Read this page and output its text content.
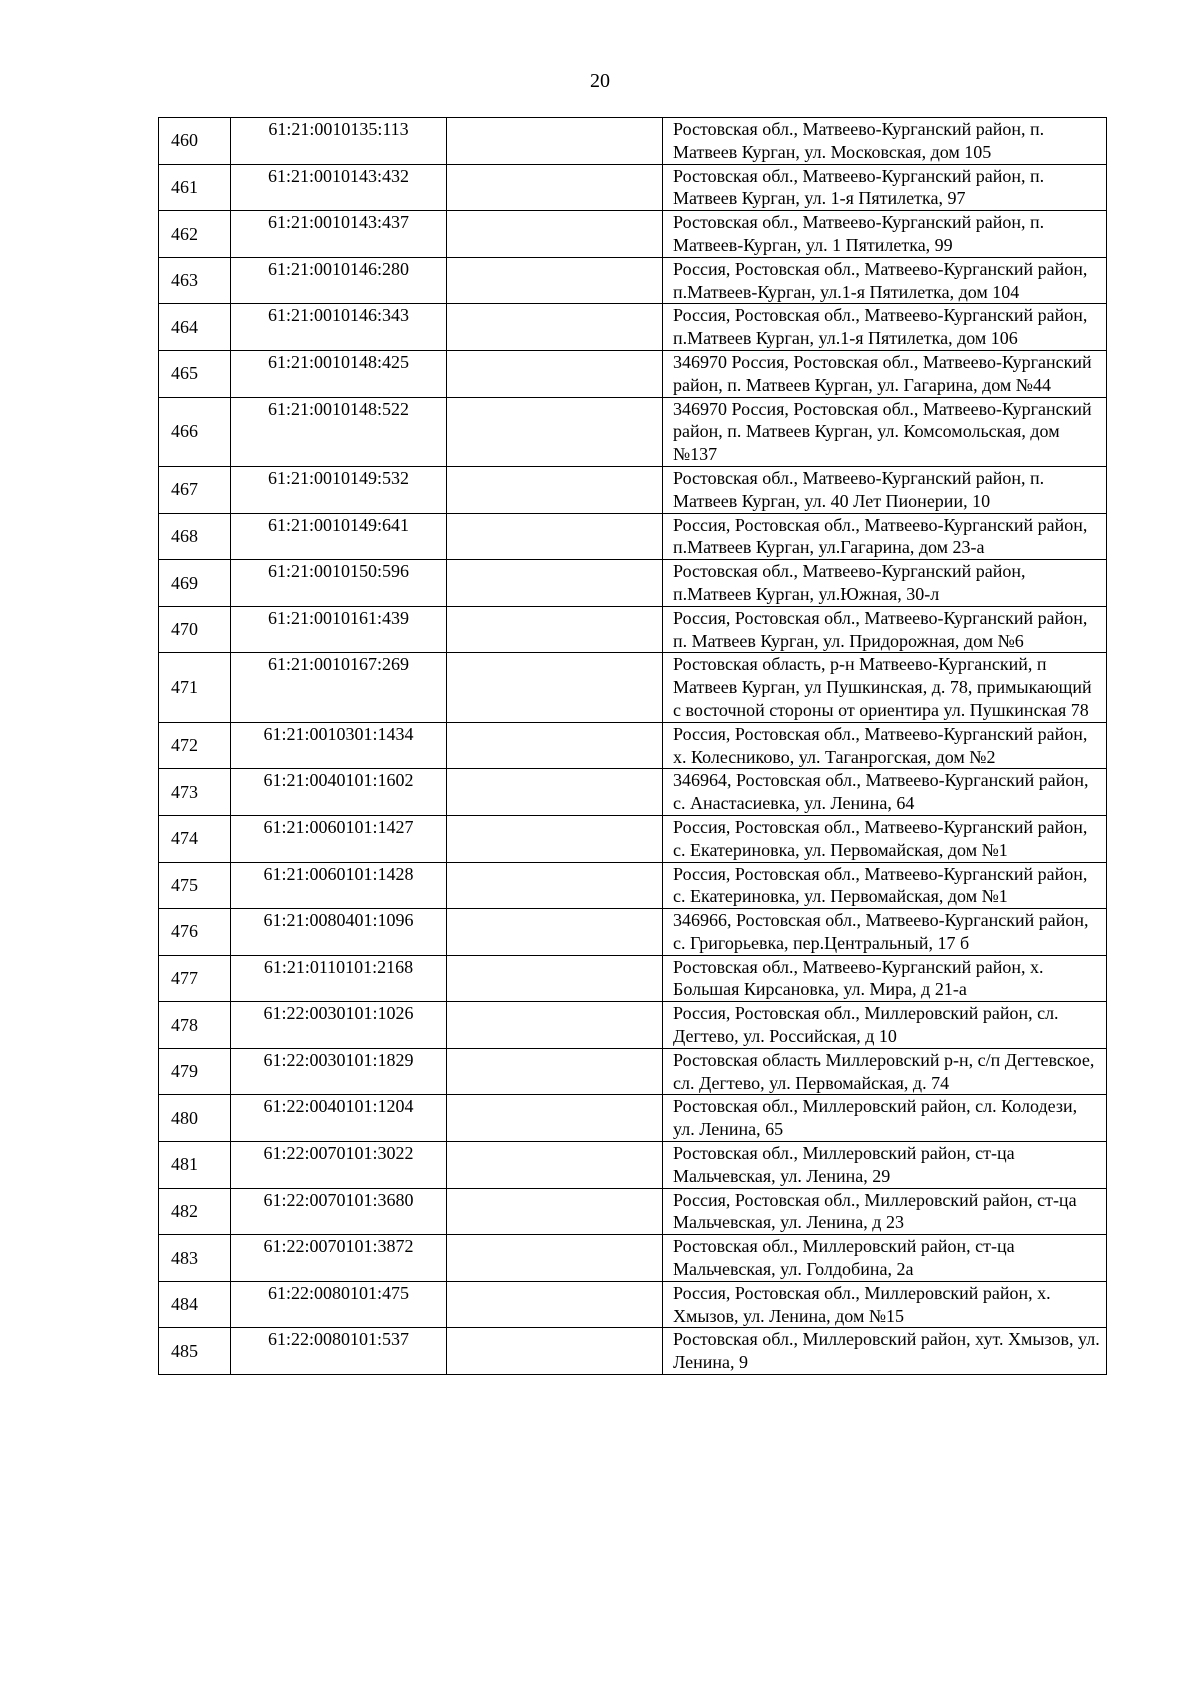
20
460	61:21:0010135:113		Ростовская обл., Матвеево-Курганский район, п. Матвеев Курган, ул. Московская, дом 105
461	61:21:0010143:432		Ростовская обл., Матвеево-Курганский район, п. Матвеев Курган, ул. 1-я Пятилетка, 97
462	61:21:0010143:437		Ростовская обл., Матвеево-Курганский район, п. Матвеев-Курган, ул. 1 Пятилетка, 99
463	61:21:0010146:280		Россия, Ростовская обл., Матвеево-Курганский район, п.Матвеев-Курган, ул.1-я Пятилетка, дом 104
464	61:21:0010146:343		Россия, Ростовская обл., Матвеево-Курганский район, п.Матвеев Курган, ул.1-я Пятилетка, дом 106
465	61:21:0010148:425		346970 Россия, Ростовская обл., Матвеево-Курганский район, п. Матвеев Курган, ул. Гагарина, дом №44
466	61:21:0010148:522		346970 Россия, Ростовская обл., Матвеево-Курганский район, п. Матвеев Курган, ул. Комсомольская, дом №137
467	61:21:0010149:532		Ростовская обл., Матвеево-Курганский район, п. Матвеев Курган, ул. 40 Лет Пионерии, 10
468	61:21:0010149:641		Россия, Ростовская обл., Матвеево-Курганский район, п.Матвеев Курган, ул.Гагарина, дом 23-а
469	61:21:0010150:596		Ростовская обл., Матвеево-Курганский район, п.Матвеев Курган, ул.Южная, 30-л
470	61:21:0010161:439		Россия, Ростовская обл., Матвеево-Курганский район, п. Матвеев Курган, ул. Придорожная, дом №6
471	61:21:0010167:269		Ростовская область, р-н Матвеево-Курганский, п Матвеев Курган, ул Пушкинская, д. 78, примыкающий с восточной стороны от ориентира ул. Пушкинская 78
472	61:21:0010301:1434		Россия, Ростовская обл., Матвеево-Курганский район, х. Колесниково, ул. Таганрогская, дом №2
473	61:21:0040101:1602		346964, Ростовская обл., Матвеево-Курганский район, с. Анастасиевка, ул. Ленина, 64
474	61:21:0060101:1427		Россия, Ростовская обл., Матвеево-Курганский район, с. Екатериновка, ул. Первомайская, дом №1
475	61:21:0060101:1428		Россия, Ростовская обл., Матвеево-Курганский район, с. Екатериновка, ул. Первомайская, дом №1
476	61:21:0080401:1096		346966, Ростовская обл., Матвеево-Курганский район, с. Григорьевка, пер.Центральный, 17 б
477	61:21:0110101:2168		Ростовская обл., Матвеево-Курганский район, х. Большая Кирсановка, ул. Мира, д 21-а
478	61:22:0030101:1026		Россия, Ростовская обл., Миллеровский район, сл. Дегтево, ул. Российская, д 10
479	61:22:0030101:1829		Ростовская область Миллеровский р-н, с/п Дегтевское, сл. Дегтево, ул. Первомайская, д. 74
480	61:22:0040101:1204		Ростовская обл., Миллеровский район, сл. Колодези, ул. Ленина, 65
481	61:22:0070101:3022		Ростовская обл., Миллеровский район, ст-ца Мальчевская, ул. Ленина, 29
482	61:22:0070101:3680		Россия, Ростовская обл., Миллеровский район, ст-ца Мальчевская, ул. Ленина, д 23
483	61:22:0070101:3872		Ростовская обл., Миллеровский район, ст-ца Мальчевская, ул. Голдобина, 2а
484	61:22:0080101:475		Россия, Ростовская обл., Миллеровский район, х. Хмызов, ул. Ленина, дом №15
485	61:22:0080101:537		Ростовская обл., Миллеровский район, хут. Хмызов, ул. Ленина, 9
